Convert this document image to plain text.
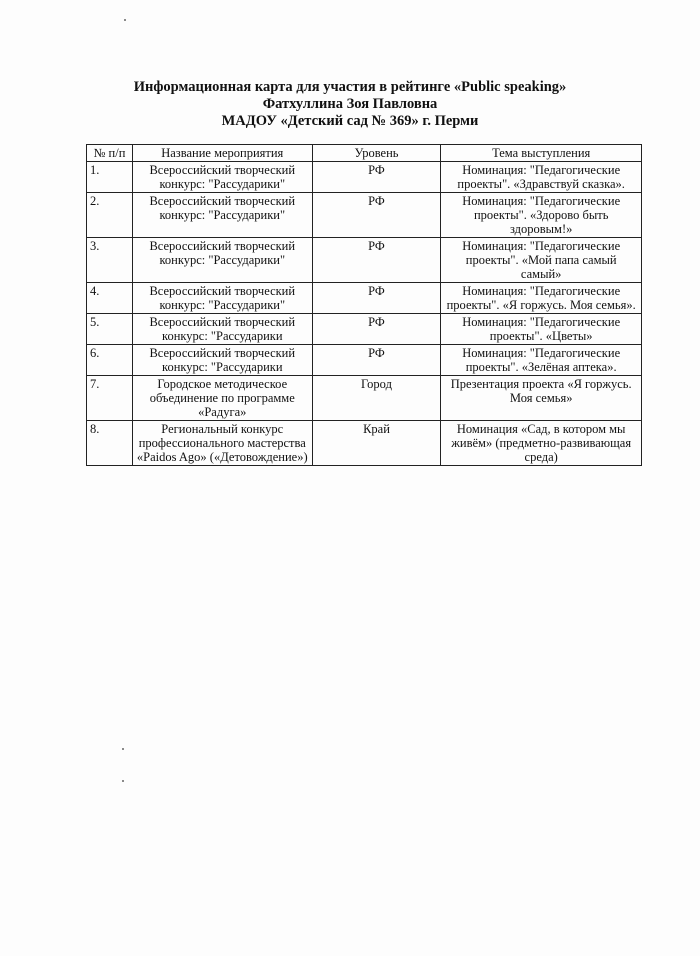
Информационная карта для участия в рейтинге «Public speaking»
Фатхуллина Зоя Павловна
МАДОУ «Детский сад № 369» г. Перми
№ п/п	Название мероприятия	Уровень	Тема выступления
1.	Всероссийский творческий конкурс: "Рассударики"	РФ	Номинация: "Педагогические проекты". «Здравствуй сказка».
2.	Всероссийский творческий конкурс: "Рассударики"	РФ	Номинация: "Педагогические проекты". «Здорово быть здоровым!»
3.	Всероссийский творческий конкурс: "Рассударики"	РФ	Номинация: "Педагогические проекты". «Мой папа самый самый»
4.	Всероссийский творческий конкурс: "Рассударики"	РФ	Номинация: "Педагогические проекты". «Я горжусь. Моя семья».
5.	Всероссийский творческий конкурс: "Рассударики	РФ	Номинация: "Педагогические проекты". «Цветы»
6.	Всероссийский творческий конкурс: "Рассударики	РФ	Номинация: "Педагогические проекты". «Зелёная аптека».
7.	Городское методическое объединение по программе «Радуга»	Город	Презентация проекта «Я горжусь. Моя семья»
8.	Региональный конкурс профессионального мастерства «Paidos Ago» («Детовождение»)	Край	Номинация «Сад, в котором мы живём» (предметно-развивающая среда)
